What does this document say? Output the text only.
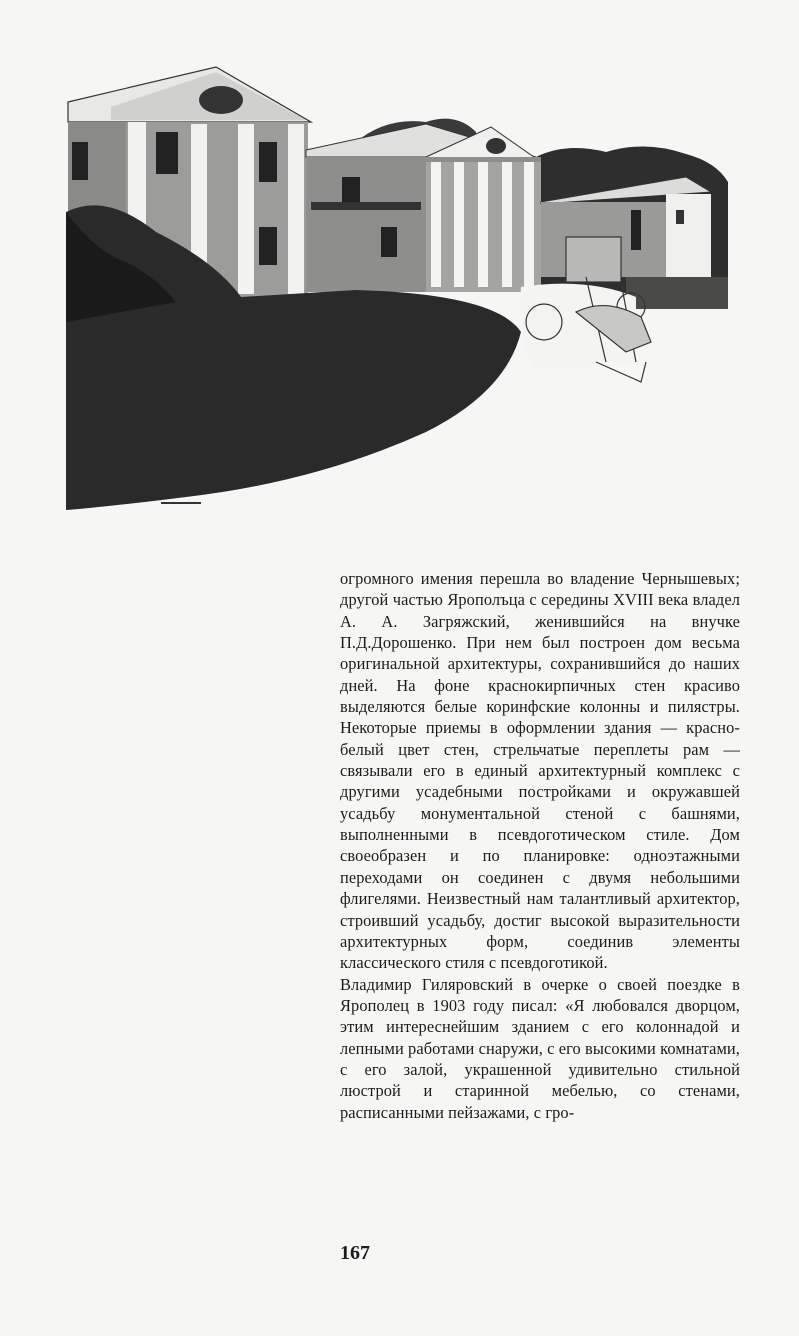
огромного имения перешла во владение Чернышевых; другой частью Ярополъца с середины XVIII века владел А. А. Загряжский, женившийся на внучке П.Д.Дорошенко. При нем был построен дом весьма оригинальной архитектуры, сохранившийся до наших дней. На фоне краснокирпичных стен красиво выделяются белые коринфские колонны и пилястры. Некоторые приемы в оформлении здания — красно-белый цвет стен, стрельчатые переплеты рам — связывали его в единый архитектурный комплекс с другими усадебными постройками и окружавшей усадьбу монументальной стеной с башнями, выполненными в псевдоготическом стиле. Дом своеобразен и по планировке: одноэтажными переходами он соединен с двумя небольшими флигелями. Неизвестный нам талантливый архитектор, строивший усадьбу, достиг высокой выразительности архитектурных форм, соединив элементы классического стиля с псевдоготикой.

Владимир Гиляровский в очерке о своей поездке в Ярополец в 1903 году писал: «Я любовался дворцом, этим интереснейшим зданием с его колоннадой и лепными работами снаружи, с его высокими комнатами, с его залой, украшенной удивительно стильной люстрой и старинной мебелью, со стенами, расписанными пейзажами, с гро-

167
